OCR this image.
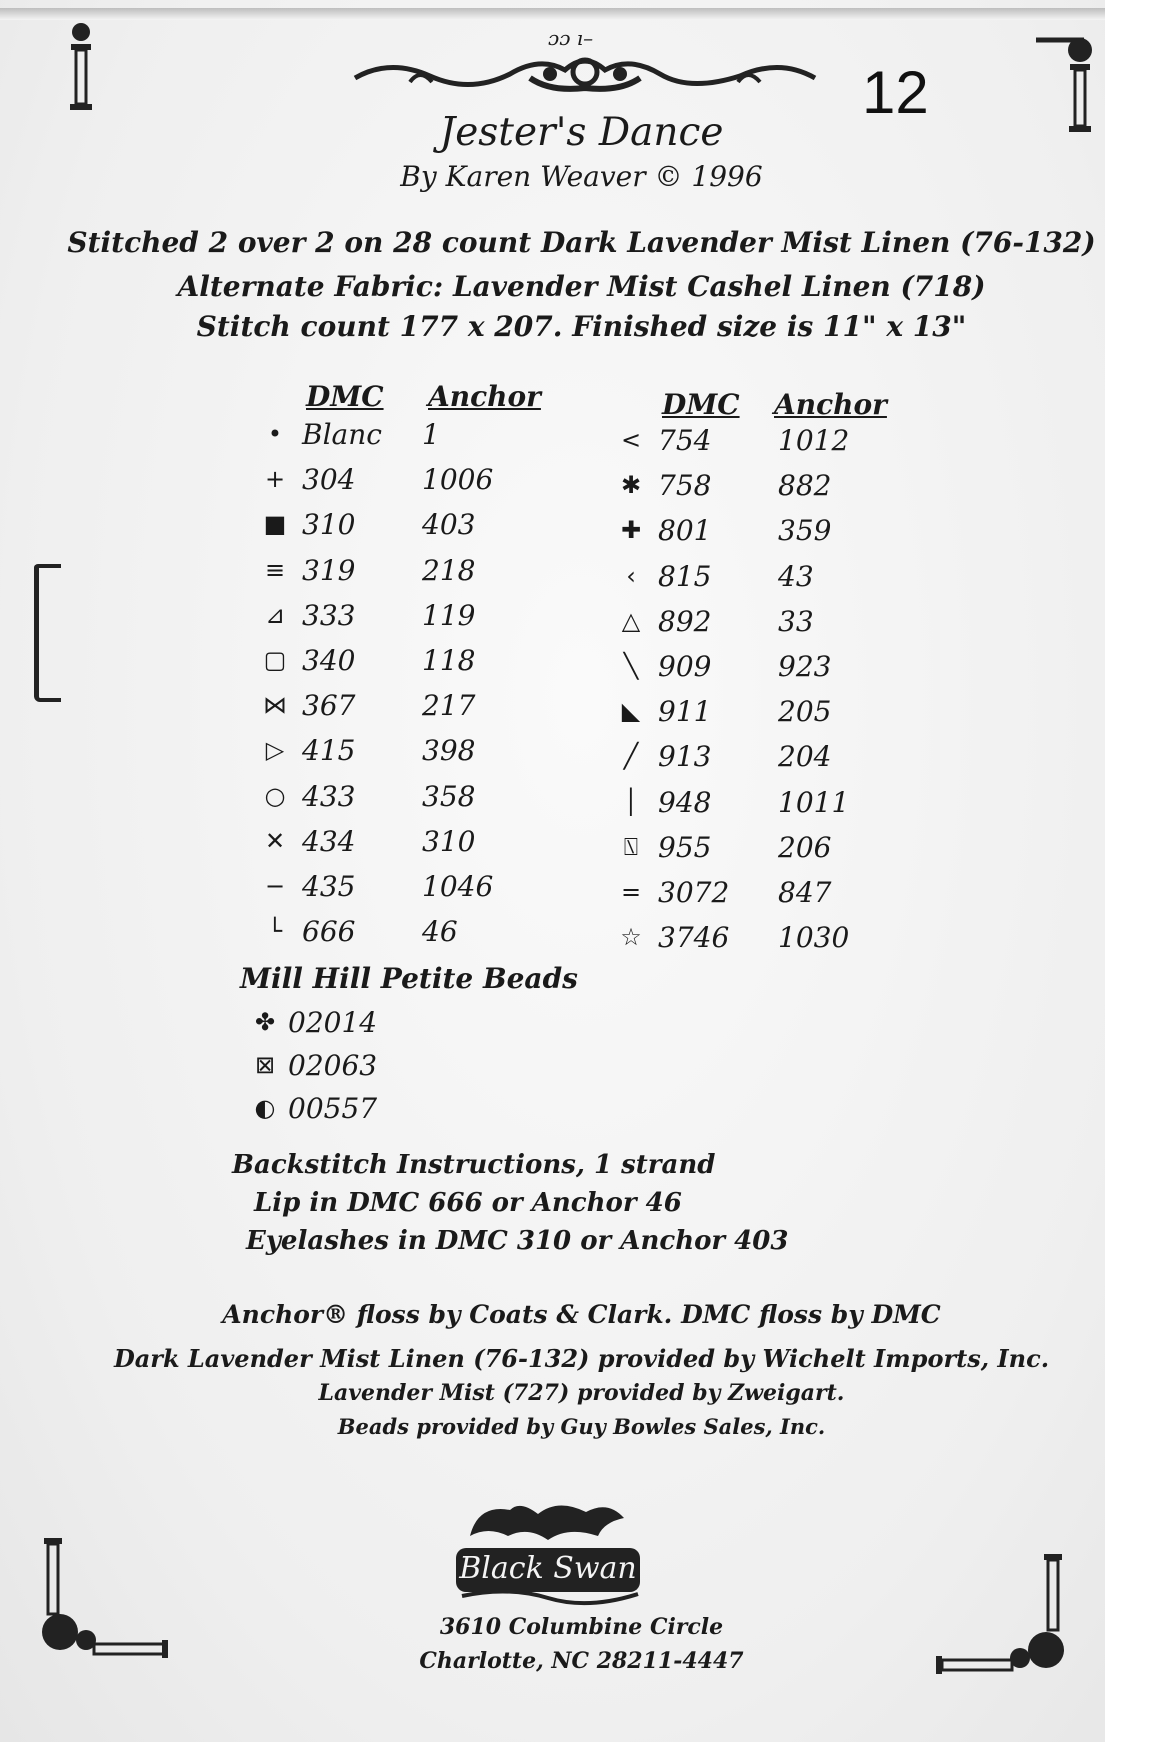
ɔɔ ı–
12
Jester's Dance
By Karen Weaver © 1996
Stitched 2 over 2 on 28 count Dark Lavender Mist Linen (76-132)
Alternate Fabric: Lavender Mist Cashel Linen (718)
Stitch count 177 x 207. Finished size is 11" x 13"
DMC Anchor	DMC Anchor
• Blanc 1
+ 304 1006
■ 310 403
≡ 319 218
⊿ 333 119
▢ 340 118
⋈ 367 217
▷ 415 398
○ 433 358
✕ 434 310
− 435 1046
└ 666 46
< 754 1012
✱ 758 882
✚ 801 359
‹ 815 43
△ 892 33
╲ 909 923
◣ 911 205
╱ 913 204
│ 948 1011
⍂ 955 206
= 3072 847
☆ 3746 1030
Mill Hill Petite Beads
✤ 02014
⊠ 02063
◐ 00557
Backstitch Instructions, 1 strand
Lip in DMC 666 or Anchor 46
Eyelashes in DMC 310 or Anchor 403
Anchor® floss by Coats & Clark. DMC floss by DMC
Dark Lavender Mist Linen (76-132) provided by Wichelt Imports, Inc.
Lavender Mist (727) provided by Zweigart.
Beads provided by Guy Bowles Sales, Inc.
Black Swan
3610 Columbine Circle
Charlotte, NC 28211-4447
